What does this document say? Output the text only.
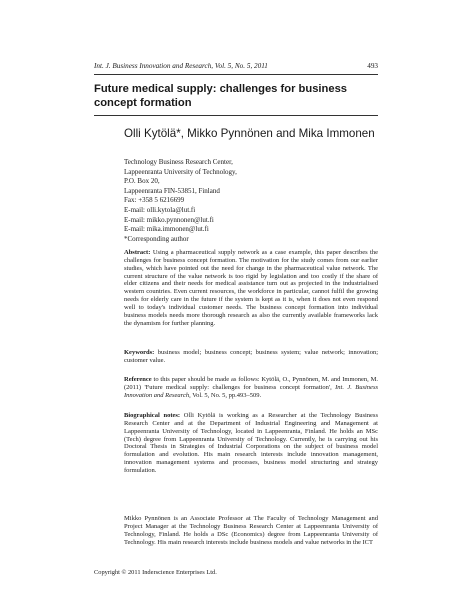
Int. J. Business Innovation and Research, Vol. 5, No. 5, 2011	493
Future medical supply: challenges for business concept formation
Olli Kytölä*, Mikko Pynnönen and Mika Immonen
Technology Business Research Center,
Lappeenranta University of Technology,
P.O. Box 20,
Lappeenranta FIN-53851, Finland
Fax: +358 5 6216699
E-mail: olli.kytola@lut.fi
E-mail: mikko.pynnonen@lut.fi
E-mail: mika.immonen@lut.fi
*Corresponding author

Abstract: Using a pharmaceutical supply network as a case example, this paper describes the challenges for business concept formation. The motivation for the study comes from our earlier studies, which have pointed out the need for change in the pharmaceutical value network. The current structure of the value network is too rigid by legislation and too costly if the share of elder citizens and their needs for medical assistance turn out as projected in the industrialised western countries. Even current resources, the workforce in particular, cannot fulfil the growing needs for elderly care in the future if the system is kept as it is, when it does not even respond well to today's individual customer needs. The business concept formation into individual business models needs more thorough research as also the currently available frameworks lack the dynamism for further planning.

Keywords: business model; business concept; business system; value network; innovation; customer value.

Reference to this paper should be made as follows: Kytölä, O., Pynnönen, M. and Immonen, M. (2011) 'Future medical supply: challenges for business concept formation', Int. J. Business Innovation and Research, Vol. 5, No. 5, pp.493–509.

Biographical notes: Olli Kytölä is working as a Researcher at the Technology Business Research Center and at the Department of Industrial Engineering and Management at Lappeenranta University of Technology, located in Lappeenranta, Finland. He holds an MSc (Tech) degree from Lappeenranta University of Technology. Currently, he is carrying out his Doctoral Thesis in Strategies of Industrial Corporations on the subject of business model formulation and evolution. His main research interests include innovation management, innovation management systems and processes, business model structuring and strategy formulation.

Mikko Pynnönen is an Associate Professor at The Faculty of Technology Management and Project Manager at the Technology Business Research Center at Lappeenranta University of Technology, Finland. He holds a DSc (Economics) degree from Lappeenranta University of Technology. His main research interests include business models and value networks in the ICT

Copyright © 2011 Inderscience Enterprises Ltd.
